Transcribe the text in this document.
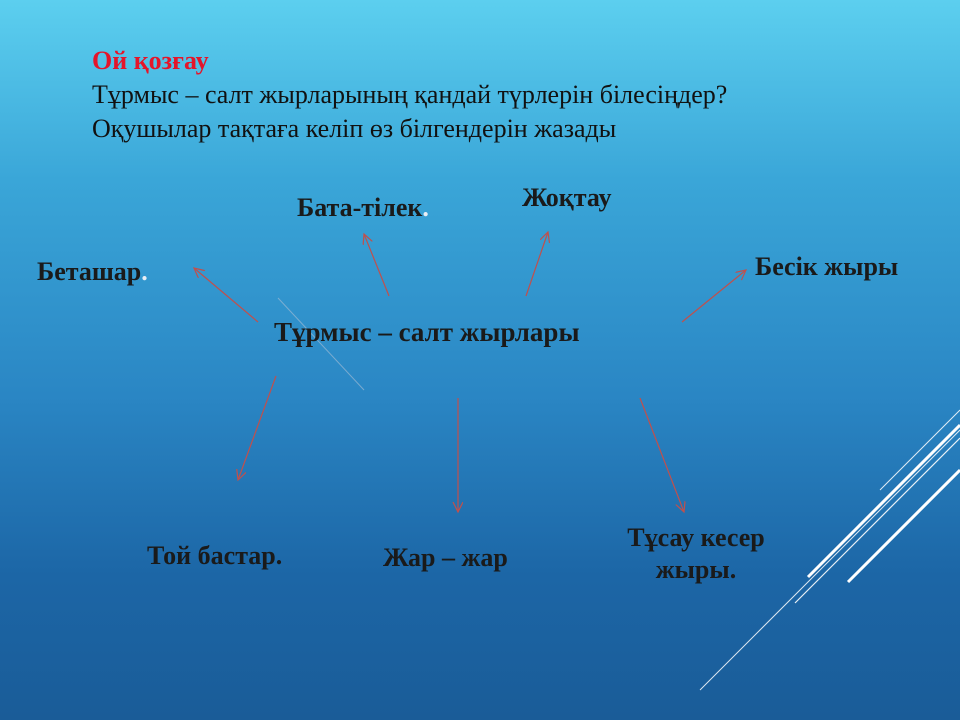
Ой қозғау
Тұрмыс – салт жырларының қандай түрлерін білесіңдер?
Оқушылар тақтаға келіп өз білгендерін жазады
Тұрмыс – салт жырлары
Беташар.
Бата-тілек.	Жоқтау
Бесік жыры
Той бастар.	Жар – жар
Тұсау кесер
жыры.
